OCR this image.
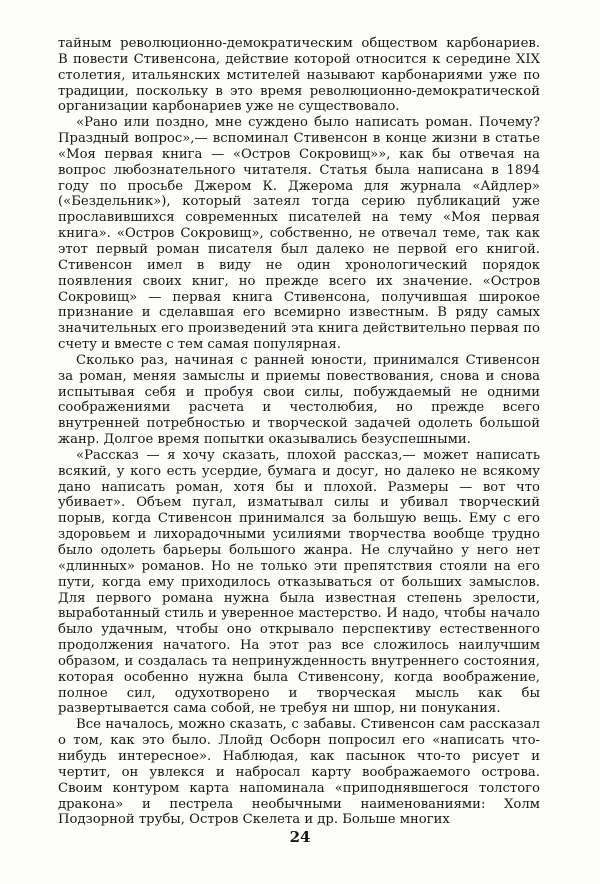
тайным революционно-демократическим обществом карбонариев. В повести Стивенсона, действие которой относится к середине XIX столетия, итальянских мстителей называют карбонариями уже по традиции, поскольку в это время революционно-демократической организации карбонариев уже не существовало.

«Рано или поздно, мне суждено было написать роман. Почему? Праздный вопрос»,— вспоминал Стивенсон в конце жизни в статье «Моя первая книга — «Остров Сокровищ»», как бы отвечая на вопрос любознательного читателя. Статья была написана в 1894 году по просьбе Джером К. Джерома для журнала «Айдлер» («Бездельник»), который затеял тогда серию публикаций уже прославившихся современных писателей на тему «Моя первая книга». «Остров Сокровищ», собственно, не отвечал теме, так как этот первый роман писателя был далеко не первой его книгой. Стивенсон имел в виду не один хронологический порядок появления своих книг, но прежде всего их значение. «Остров Сокровищ» — первая книга Стивенсона, получившая широкое признание и сделавшая его всемирно известным. В ряду самых значительных его произведений эта книга действительно первая по счету и вместе с тем самая популярная.

Сколько раз, начиная с ранней юности, принимался Стивенсон за роман, меняя замыслы и приемы повествования, снова и снова испытывая себя и пробуя свои силы, побуждаемый не одними соображениями расчета и честолюбия, но прежде всего внутренней потребностью и творческой задачей одолеть большой жанр. Долгое время попытки оказывались безуспешными.

«Рассказ — я хочу сказать, плохой рассказ,— может написать всякий, у кого есть усердие, бумага и досуг, но далеко не всякому дано написать роман, хотя бы и плохой. Размеры — вот что убивает». Объем пугал, изматывал силы и убивал творческий порыв, когда Стивенсон принимался за большую вещь. Ему с его здоровьем и лихорадочными усилиями творчества вообще трудно было одолеть барьеры большого жанра. Не случайно у него нет «длинных» романов. Но не только эти препятствия стояли на его пути, когда ему приходилось отказываться от больших замыслов. Для первого романа нужна была известная степень зрелости, выработанный стиль и уверенное мастерство. И надо, чтобы начало было удачным, чтобы оно открывало перспективу естественного продолжения начатого. На этот раз все сложилось наилучшим образом, и создалась та непринужденность внутреннего состояния, которая особенно нужна была Стивенсону, когда воображение, полное сил, одухотворено и творческая мысль как бы развертывается сама собой, не требуя ни шпор, ни понукания.

Все началось, можно сказать, с забавы. Стивенсон сам рассказал о том, как это было. Ллойд Осборн попросил его «написать что-нибудь интересное». Наблюдая, как пасынок что-то рисует и чертит, он увлекся и набросал карту воображаемого острова. Своим контуром карта напоминала «приподнявшегося толстого дракона» и пестрела необычными наименованиями: Холм Подзорной трубы, Остров Скелета и др. Больше многих

24
